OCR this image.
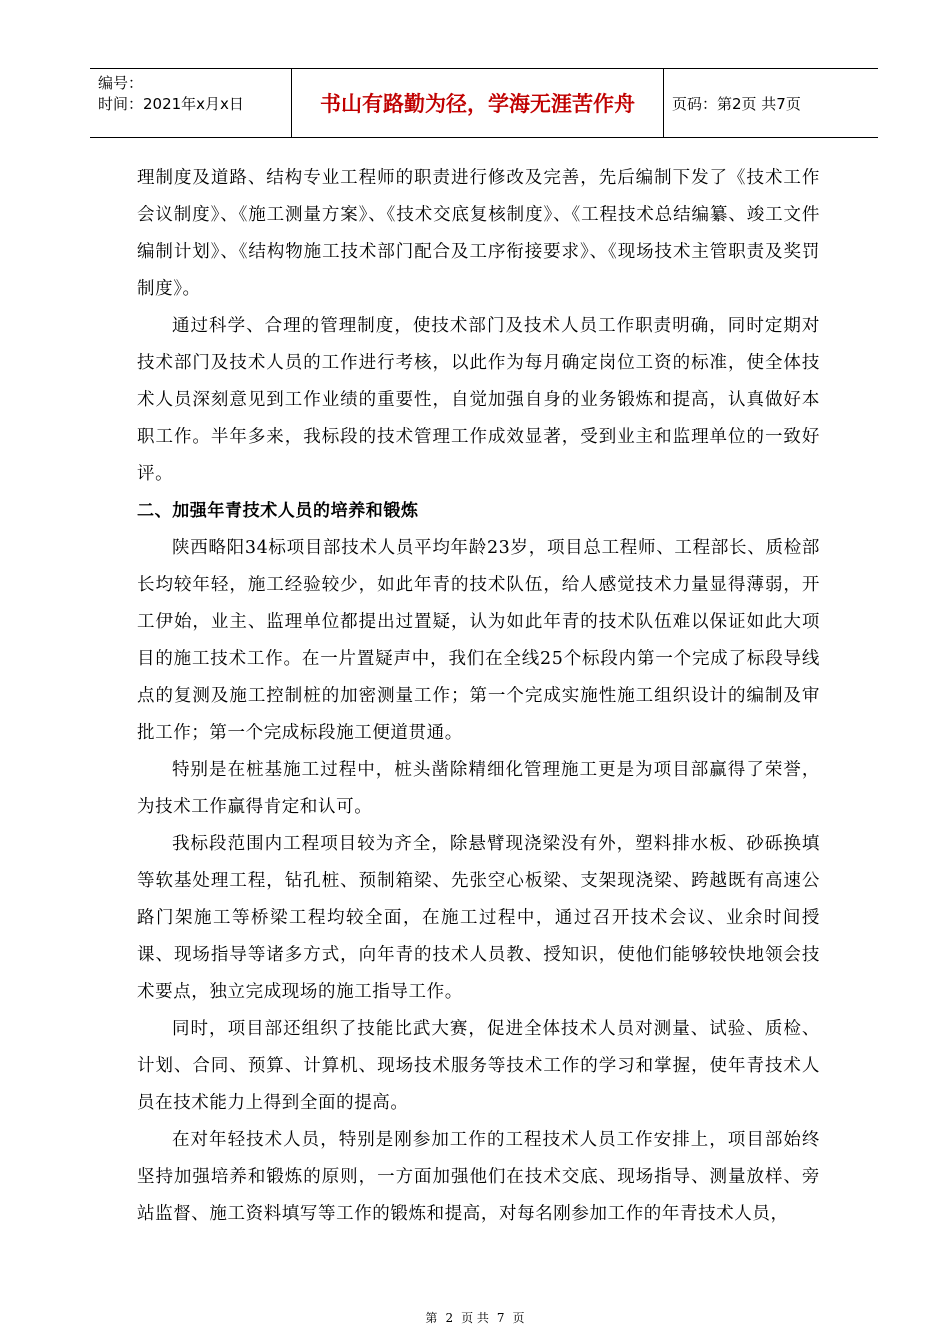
编号：
时间：2021年x月x日	书山有路勤为径，学海无涯苦作舟	页码：第2页 共7页

理制度及道路、结构专业工程师的职责进行修改及完善，先后编制下发了《技术工作会议制度》、《施工测量方案》、《技术交底复核制度》、《工程技术总结编纂、竣工文件编制计划》、《结构物施工技术部门配合及工序衔接要求》、《现场技术主管职责及奖罚制度》。

通过科学、合理的管理制度，使技术部门及技术人员工作职责明确，同时定期对技术部门及技术人员的工作进行考核，以此作为每月确定岗位工资的标准，使全体技术人员深刻意见到工作业绩的重要性，自觉加强自身的业务锻炼和提高，认真做好本职工作。半年多来，我标段的技术管理工作成效显著，受到业主和监理单位的一致好评。

二、加强年青技术人员的培养和锻炼

陕西略阳34标项目部技术人员平均年龄23岁，项目总工程师、工程部长、质检部长均较年轻，施工经验较少，如此年青的技术队伍，给人感觉技术力量显得薄弱，开工伊始，业主、监理单位都提出过置疑，认为如此年青的技术队伍难以保证如此大项目的施工技术工作。在一片置疑声中，我们在全线25个标段内第一个完成了标段导线点的复测及施工控制桩的加密测量工作；第一个完成实施性施工组织设计的编制及审批工作；第一个完成标段施工便道贯通。

特别是在桩基施工过程中，桩头凿除精细化管理施工更是为项目部赢得了荣誉，为技术工作赢得肯定和认可。

我标段范围内工程项目较为齐全，除悬臂现浇梁没有外，塑料排水板、砂砾换填等软基处理工程，钻孔桩、预制箱梁、先张空心板梁、支架现浇梁、跨越既有高速公路门架施工等桥梁工程均较全面，在施工过程中，通过召开技术会议、业余时间授课、现场指导等诸多方式，向年青的技术人员教、授知识，使他们能够较快地领会技术要点，独立完成现场的施工指导工作。

同时，项目部还组织了技能比武大赛，促进全体技术人员对测量、试验、质检、计划、合同、预算、计算机、现场技术服务等技术工作的学习和掌握，使年青技术人员在技术能力上得到全面的提高。

在对年轻技术人员，特别是刚参加工作的工程技术人员工作安排上，项目部始终坚持加强培养和锻炼的原则，一方面加强他们在技术交底、现场指导、测量放样、旁站监督、施工资料填写等工作的锻炼和提高，对每名刚参加工作的年青技术人员，

第 2 页 共 7 页
